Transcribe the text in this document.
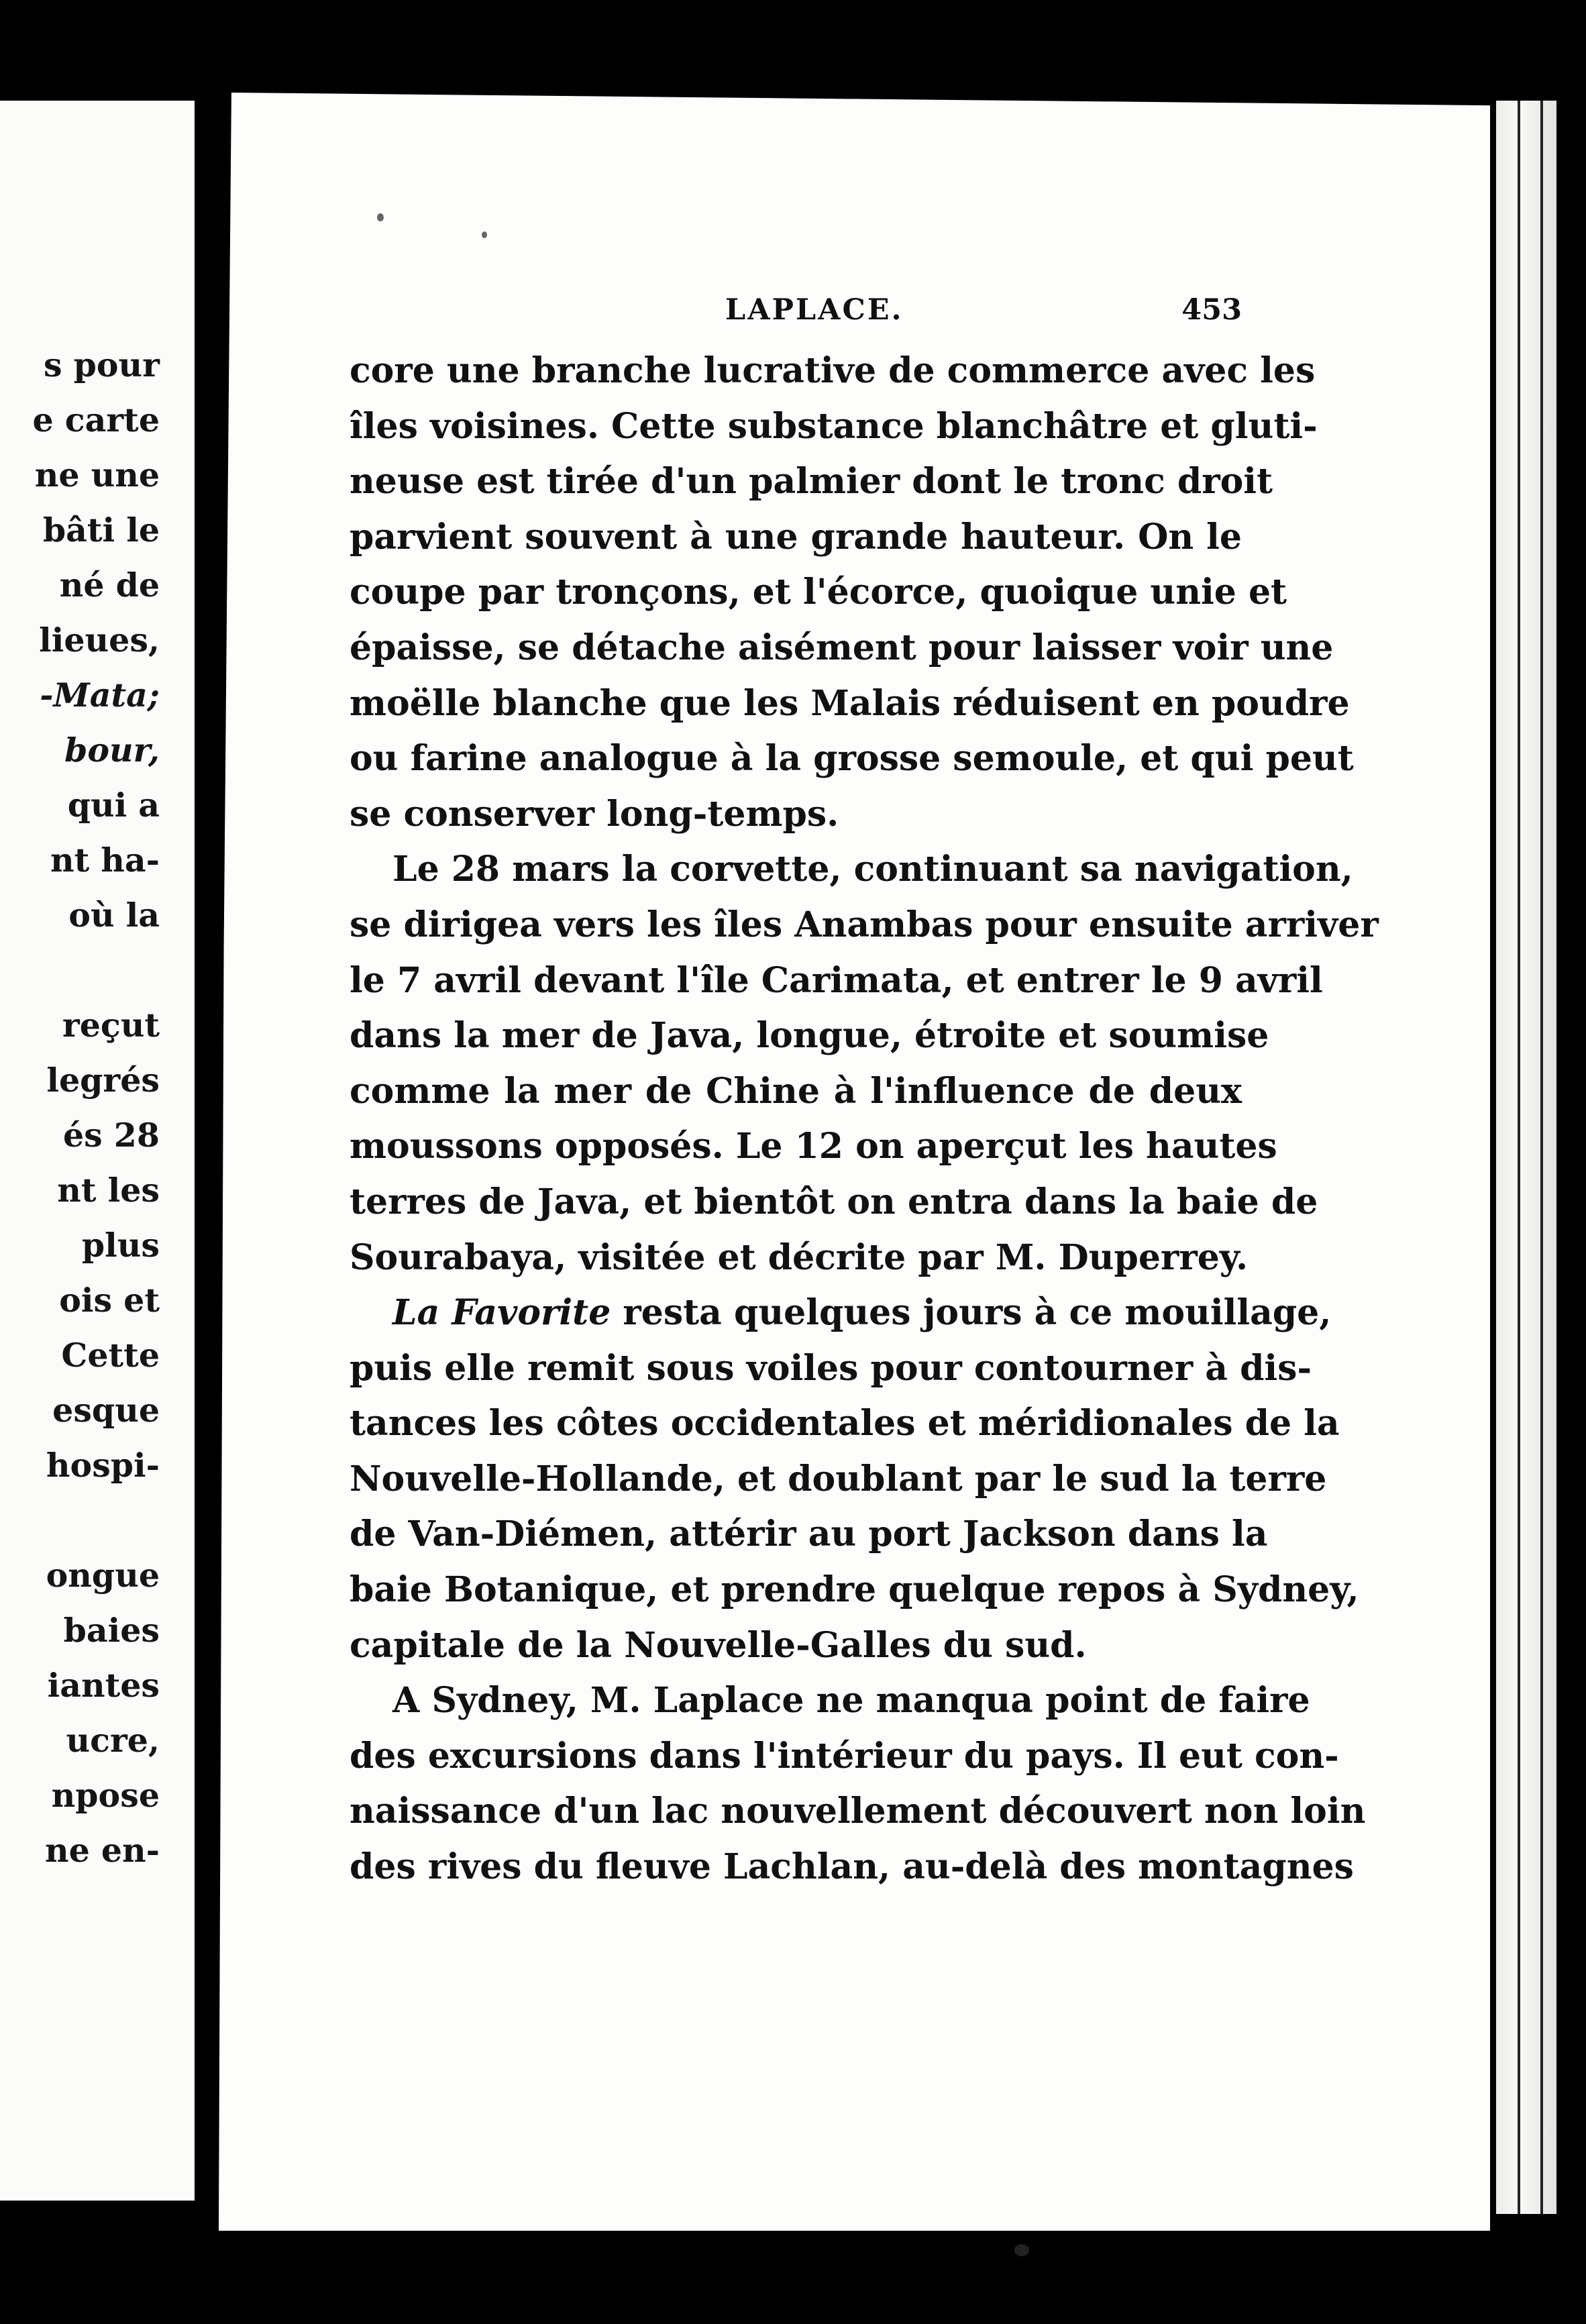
s pour
e carte
ne une
bâti le
né de
lieues,
-Mata;
bour,
qui a
nt ha-
où la
reçut
legrés
és 28
nt les
plus
ois et
Cette
esque
hospi-
ongue
baies
iantes
ucre,
npose
ne en-
LAPLACE.	453
core une branche lucrative de commerce avec les
îles voisines. Cette substance blanchâtre et gluti-
neuse est tirée d'un palmier dont le tronc droit
parvient souvent à une grande hauteur. On le
coupe par tronçons, et l'écorce, quoique unie et
épaisse, se détache aisément pour laisser voir une
moëlle blanche que les Malais réduisent en poudre
ou farine analogue à la grosse semoule, et qui peut
se conserver long-temps.
Le 28 mars la corvette, continuant sa navigation,
se dirigea vers les îles Anambas pour ensuite arriver
le 7 avril devant l'île Carimata, et entrer le 9 avril
dans la mer de Java, longue, étroite et soumise
comme la mer de Chine à l'influence de deux
moussons opposés. Le 12 on aperçut les hautes
terres de Java, et bientôt on entra dans la baie de
Sourabaya, visitée et décrite par M. Duperrey.
La Favorite resta quelques jours à ce mouillage,
puis elle remit sous voiles pour contourner à dis-
tances les côtes occidentales et méridionales de la
Nouvelle-Hollande, et doublant par le sud la terre
de Van-Diémen, attérir au port Jackson dans la
baie Botanique, et prendre quelque repos à Sydney,
capitale de la Nouvelle-Galles du sud.
A Sydney, M. Laplace ne manqua point de faire
des excursions dans l'intérieur du pays. Il eut con-
naissance d'un lac nouvellement découvert non loin
des rives du fleuve Lachlan, au-delà des montagnes
